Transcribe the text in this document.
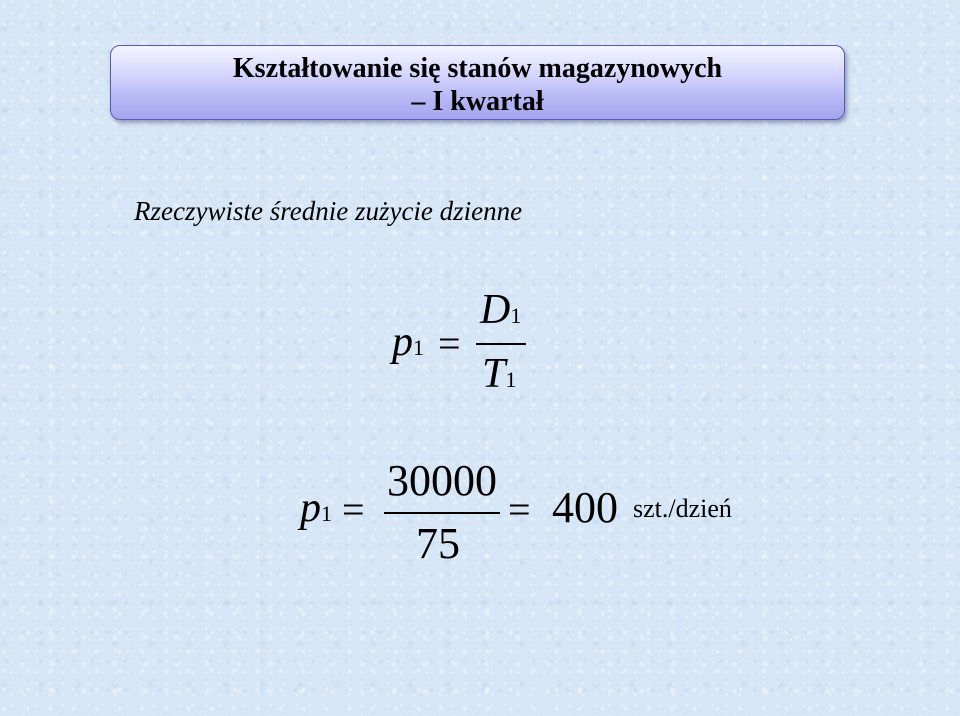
Kształtowanie się stanów magazynowych
– I kwartał
Rzeczywiste średnie zużycie dzienne
p1 =
D1
T1
p1 =
30000
75
= 400 szt./dzień
